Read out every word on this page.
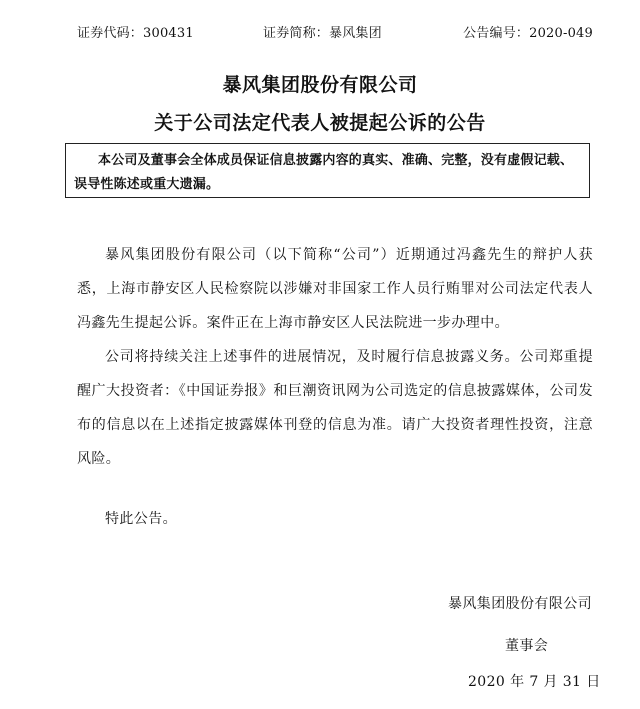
证券代码：300431	证券简称：暴风集团	公告编号：2020-049
暴风集团股份有限公司
关于公司法定代表人被提起公诉的公告
本公司及董事会全体成员保证信息披露内容的真实、准确、完整，没有虚假记载、误导性陈述或重大遗漏。

暴风集团股份有限公司（以下简称“公司”）近期通过冯鑫先生的辩护人获悉，上海市静安区人民检察院以涉嫌对非国家工作人员行贿罪对公司法定代表人冯鑫先生提起公诉。案件正在上海市静安区人民法院进一步办理中。

公司将持续关注上述事件的进展情况，及时履行信息披露义务。公司郑重提醒广大投资者：《中国证券报》和巨潮资讯网为公司选定的信息披露媒体，公司发布的信息以在上述指定披露媒体刊登的信息为准。请广大投资者理性投资，注意风险。

特此公告。

暴风集团股份有限公司
董事会
2020 年 7 月 31 日
